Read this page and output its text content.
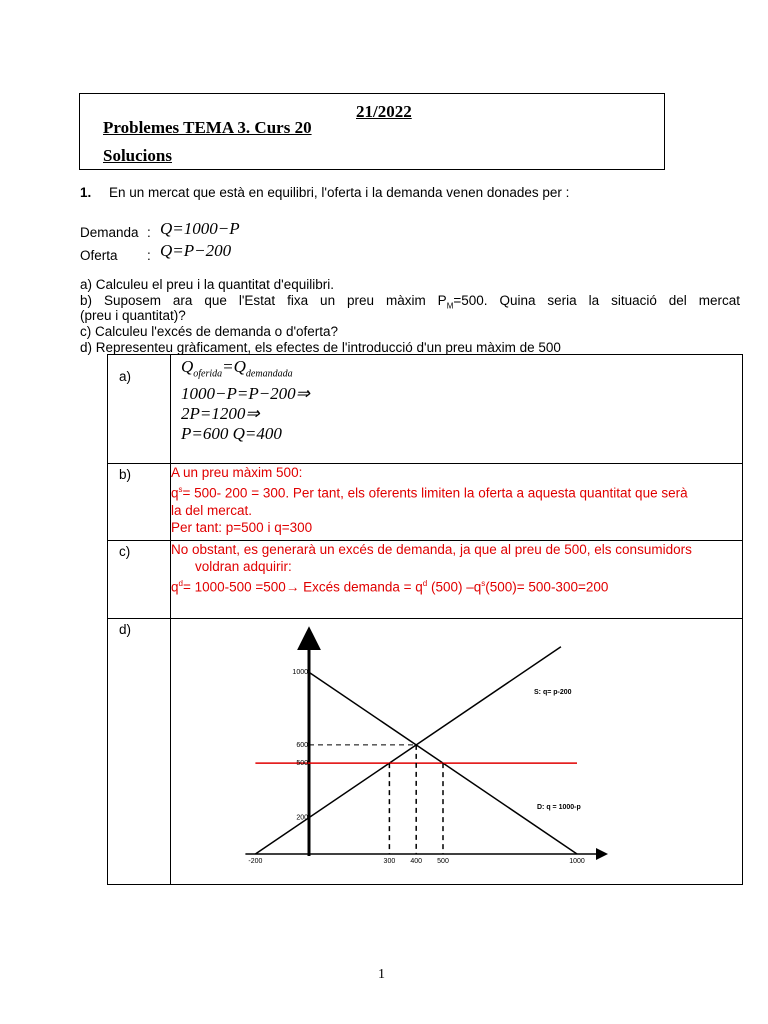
Problemes TEMA 3. Curs 20
21/2022
Solucions
1. En un mercat que està en equilibri, l'oferta i la demanda venen donades per :
Demanda : Q=1000−P
Oferta : Q=P−200
a) Calculeu el preu i la quantitat d'equilibri.
b) Suposem ara que l'Estat fixa un preu màxim $P_M=500$. Quina seria la situació del mercat
(preu i quantitat)?
c) Calculeu l'excés de demanda o d'oferta?
d) Representeu gràficament, els efectes de l'introducció d'un preu màxim de 500
a)	$Q_{oferida}=Q_{demandada}$
1000−P=P−200⇒
2P=1200⇒
P=600 Q=400

b)	A un preu màxim 500:
$q^s= 500-$ 200 = 300. Per tant, els oferents limiten la oferta a aquesta quantitat que serà
la del mercat.
Per tant: p=500 i q=300

c)	No obstant, es generarà un excés de demanda, ja que al preu de 500, els consumidors
voldran adquirir:
$q^d= 1000-500 =500\to$ Excés demanda = $q^d$ (500) $-q^s(500)= 500-300=200$

d)	
-200	300 400 500	1000
1000
600
500
200
S: q= p-200
D: q = 1000-p
1
